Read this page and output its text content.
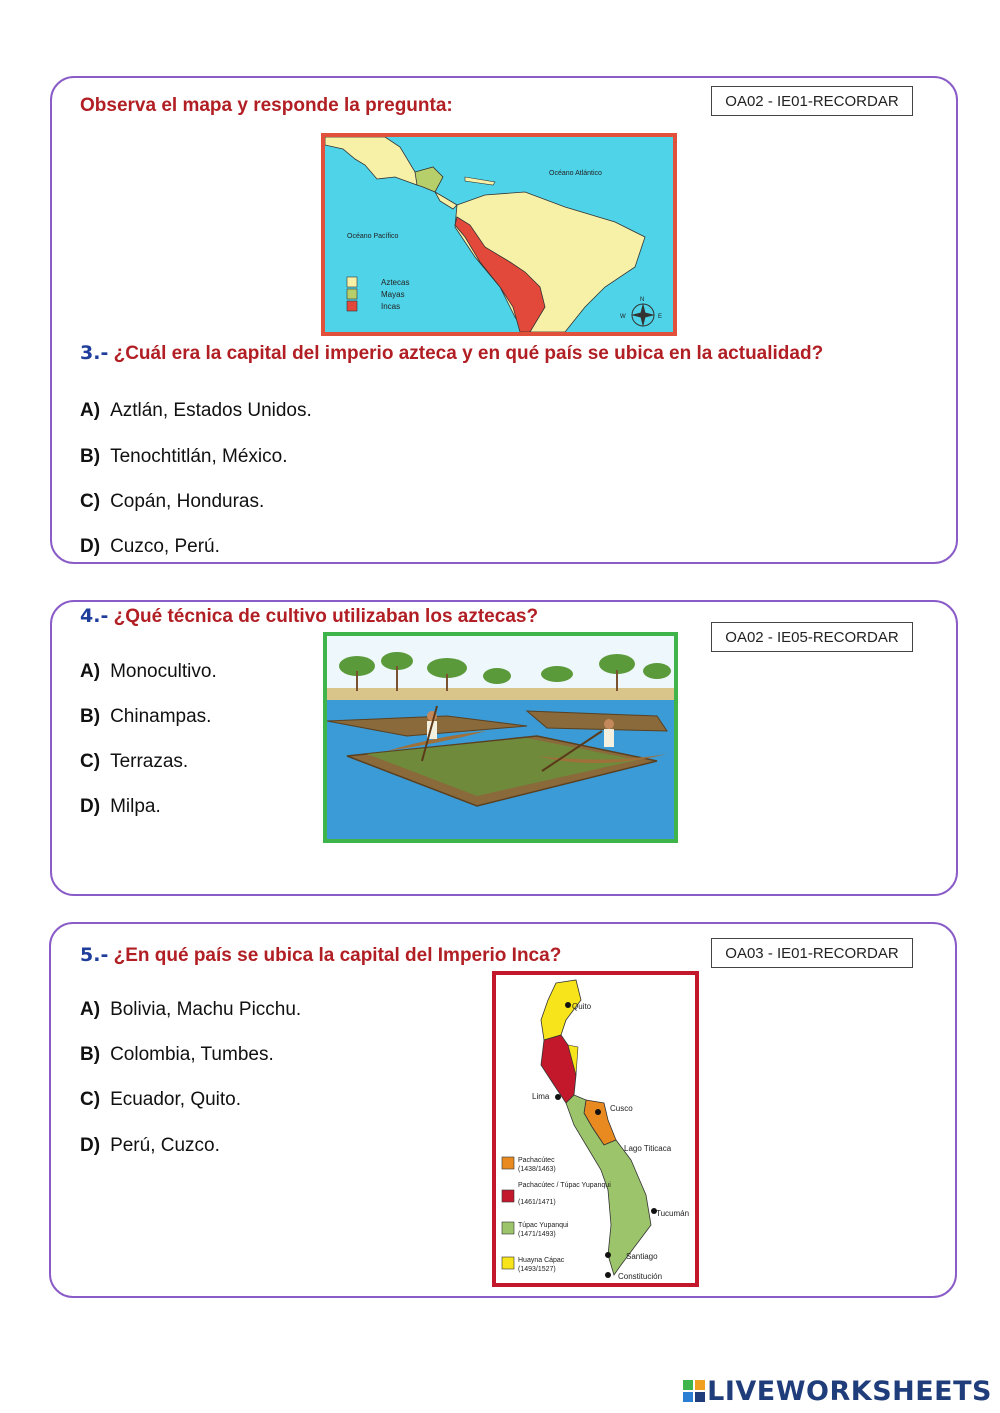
Observa el mapa y responde la pregunta:	OA02 - IE01-RECORDAR
Océano Atlántico
Océano Pacífico
Aztecas
Mayas
Incas
N
W	E
3.- ¿Cuál era la capital del imperio azteca y en qué país se ubica en la actualidad?
A) Aztlán, Estados Unidos.
B) Tenochtitlán, México.
C) Copán, Honduras.
D) Cuzco, Perú.
4.- ¿Qué técnica de cultivo utilizaban los aztecas?
OA02 - IE05-RECORDAR
A) Monocultivo.
B) Chinampas.
C) Terrazas.
D) Milpa.
5.- ¿En qué país se ubica la capital del Imperio Inca?	OA03 - IE01-RECORDAR
Quito
Lima
Cusco
Lago Titicaca
Tucumán
Santiago
Constitución
Pachacútec
(1438/1463)
Pachacútec / Túpac Yupanqui
(1461/1471)
Túpac Yupanqui
(1471/1493)
Huayna Cápac
(1493/1527)
A) Bolivia, Machu Picchu.
B) Colombia, Tumbes.
C) Ecuador, Quito.
D) Perú, Cuzco.
LIVEWORKSHEETS
